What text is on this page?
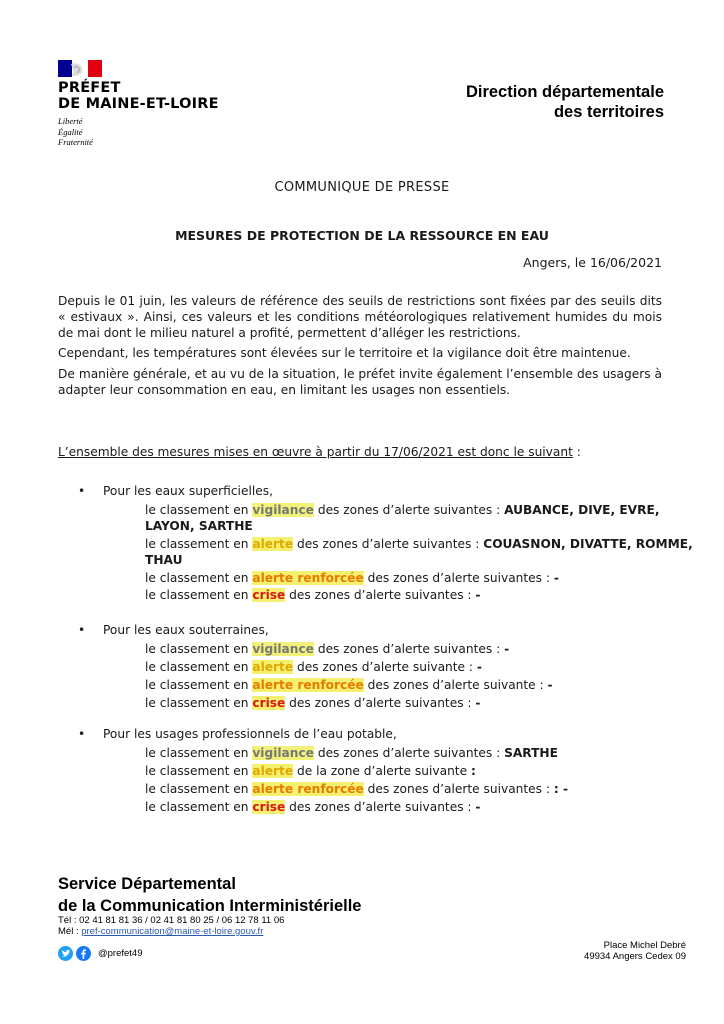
PRÉFET
DE MAINE-ET-LOIRE
Liberté
Égalité
Fraternité
Direction départementale
des territoires
COMMUNIQUE DE PRESSE
MESURES DE PROTECTION DE LA RESSOURCE EN EAU
Angers, le 16/06/2021
Depuis le 01 juin, les valeurs de référence des seuils de restrictions sont fixées par des seuils dits « estivaux ». Ainsi, ces valeurs et les conditions météorologiques relativement humides du mois de mai dont le milieu naturel a profité, permettent d’alléger les restrictions.
Cependant, les températures sont élevées sur le territoire et la vigilance doit être maintenue.
De manière générale, et au vu de la situation, le préfet invite également l’ensemble des usagers à adapter leur consommation en eau, en limitant les usages non essentiels.
L’ensemble des mesures mises en œuvre à partir du 17/06/2021 est donc le suivant :
• Pour les eaux superficielles,
le classement en vigilance des zones d’alerte suivantes : AUBANCE, DIVE, EVRE,
LAYON, SARTHE
le classement en alerte des zones d’alerte suivantes : COUASNON, DIVATTE, ROMME,
THAU
le classement en alerte renforcée des zones d’alerte suivantes : -
le classement en crise des zones d’alerte suivantes : -
• Pour les eaux souterraines,
le classement en vigilance des zones d’alerte suivantes : -
le classement en alerte des zones d’alerte suivante : -
le classement en alerte renforcée des zones d’alerte suivante : -
le classement en crise des zones d’alerte suivantes : -
• Pour les usages professionnels de l’eau potable,
le classement en vigilance des zones d’alerte suivantes : SARTHE
le classement en alerte de la zone d’alerte suivante :
le classement en alerte renforcée des zones d’alerte suivantes : : -
le classement en crise des zones d’alerte suivantes : -
Service Départemental
de la Communication Interministérielle
Tél : 02 41 81 81 36 / 02 41 81 80 25 / 06 12 78 11 06
Mél : pref-communication@maine-et-loire.gouv.fr
@prefet49
Place Michel Debré
49934 Angers Cedex 09
